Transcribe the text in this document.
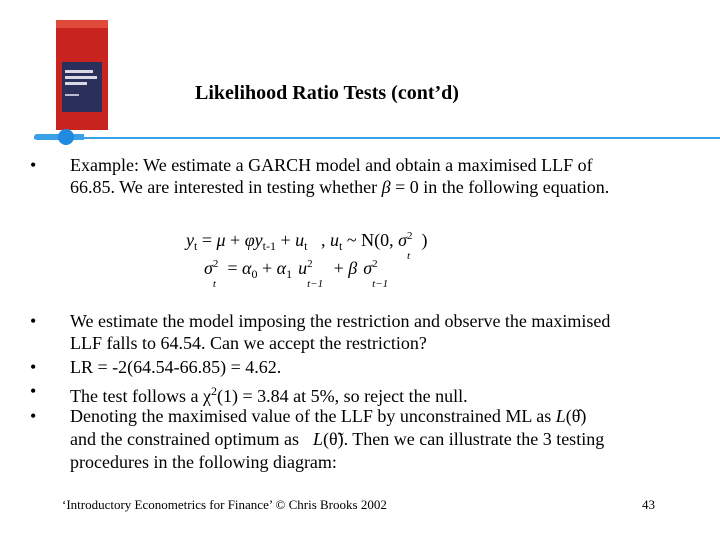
Likelihood Ratio Tests (cont’d)
• Example: We estimate a GARCH model and obtain a maximised LLF of
66.85. We are interested in testing whether β = 0 in the following equation.
$y_t = \mu + \varphi y_{t-1} + u_t$   , $u_t$ ~ N(0, σ 2
t
)
σ 2
t
= $\alpha_0 + \alpha_1$ u 2
t−1
+ β σ 2
t−1
• We estimate the model imposing the restriction and observe the maximised
LLF falls to 64.54. Can we accept the restriction?
• LR = -2(64.54-66.85) = 4.62.
• The test follows a $\chi^2(1) = 3.84$ at 5%, so reject the null.
• Denoting the maximised value of the LLF by unconstrained ML as L(θ̂)
and the constrained optimum as L(θ̃). Then we can illustrate the 3 testing
procedures in the following diagram:
‘Introductory Econometrics for Finance’ © Chris Brooks 2002	43
